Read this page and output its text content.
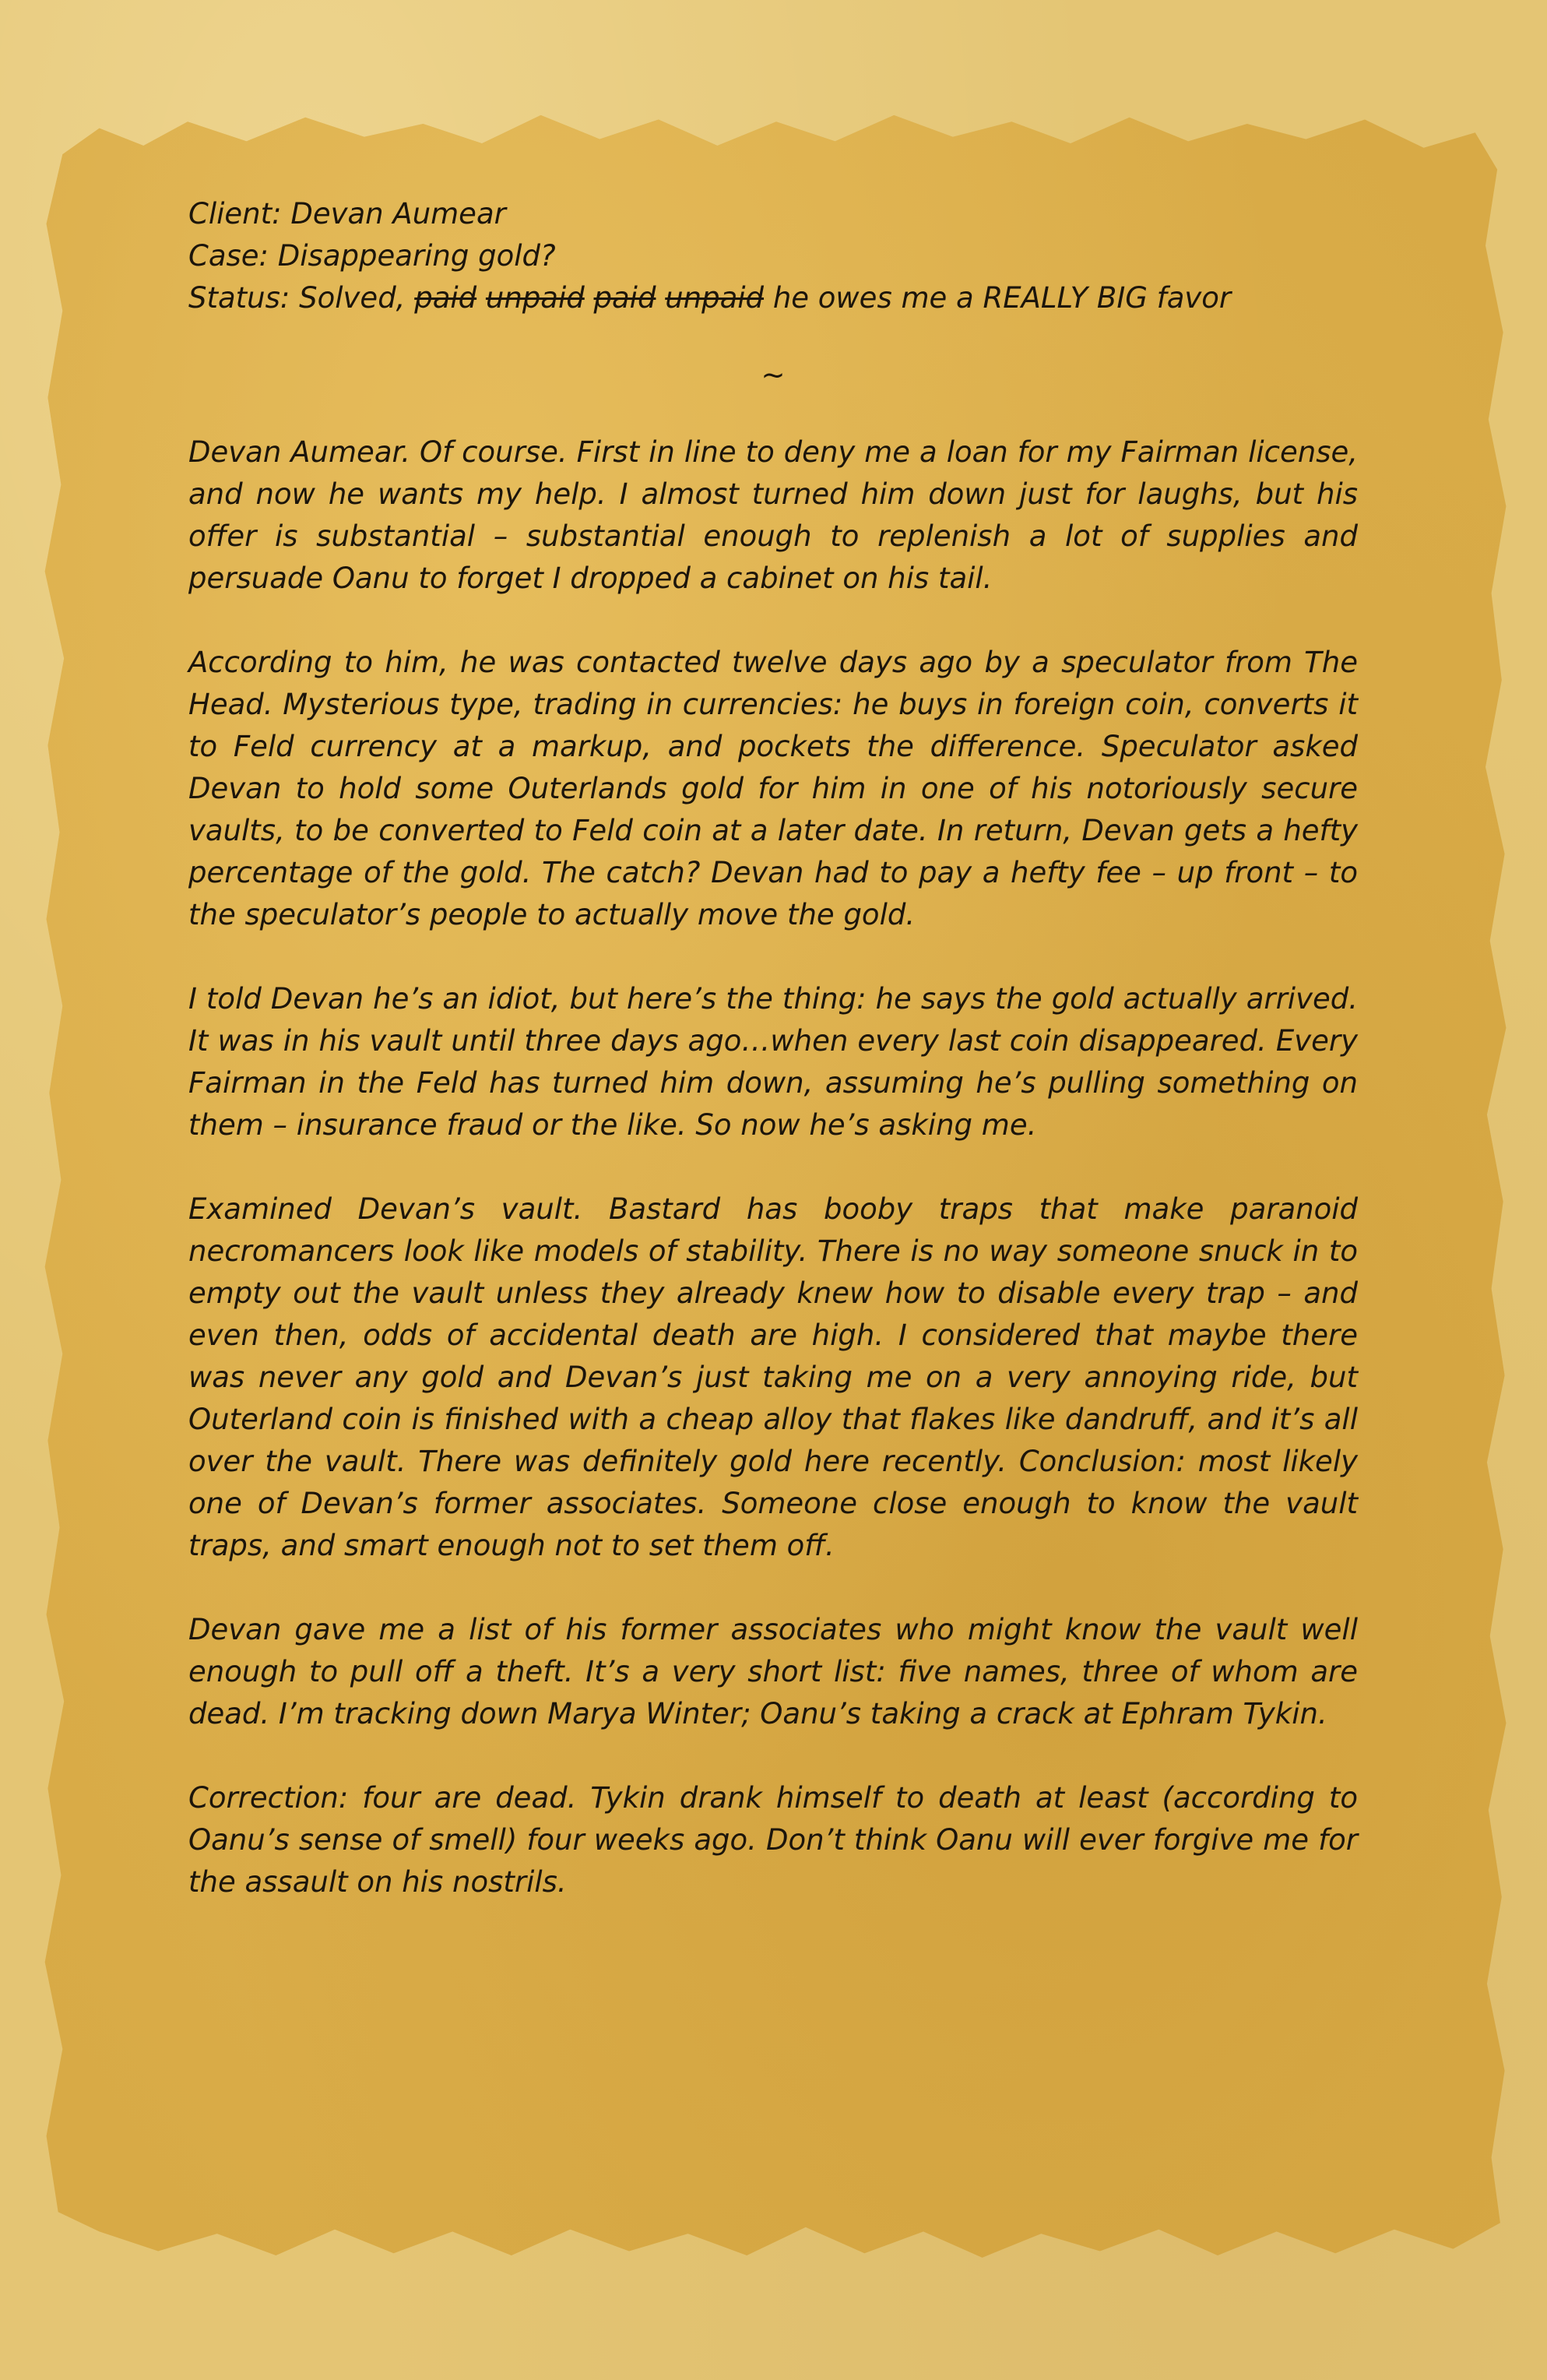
Client: Devan Aumear
Case: Disappearing gold?
Status: Solved, paid unpaid paid unpaid he owes me a REALLY BIG favor
~

Devan Aumear. Of course. First in line to deny me a loan for my Fairman license, and now he wants my help. I almost turned him down just for laughs, but his offer is substantial – substantial enough to replenish a lot of supplies and persuade Oanu to forget I dropped a cabinet on his tail.

According to him, he was contacted twelve days ago by a speculator from The Head. Mysterious type, trading in currencies: he buys in foreign coin, converts it to Feld currency at a markup, and pockets the difference. Speculator asked Devan to hold some Outerlands gold for him in one of his notoriously secure vaults, to be converted to Feld coin at a later date. In return, Devan gets a hefty percentage of the gold. The catch? Devan had to pay a hefty fee – up front – to the speculator’s people to actually move the gold.

I told Devan he’s an idiot, but here’s the thing: he says the gold actually arrived. It was in his vault until three days ago…when every last coin disappeared. Every Fairman in the Feld has turned him down, assuming he’s pulling something on them – insurance fraud or the like. So now he’s asking me.

Examined Devan’s vault. Bastard has booby traps that make paranoid necromancers look like models of stability. There is no way someone snuck in to empty out the vault unless they already knew how to disable every trap – and even then, odds of accidental death are high. I considered that maybe there was never any gold and Devan’s just taking me on a very annoying ride, but Outerland coin is finished with a cheap alloy that flakes like dandruff, and it’s all over the vault. There was definitely gold here recently. Conclusion: most likely one of Devan’s former associates. Someone close enough to know the vault traps, and smart enough not to set them off.

Devan gave me a list of his former associates who might know the vault well enough to pull off a theft. It’s a very short list: five names, three of whom are dead. I’m tracking down Marya Winter; Oanu’s taking a crack at Ephram Tykin.

Correction: four are dead. Tykin drank himself to death at least (according to Oanu’s sense of smell) four weeks ago. Don’t think Oanu will ever forgive me for the assault on his nostrils.
